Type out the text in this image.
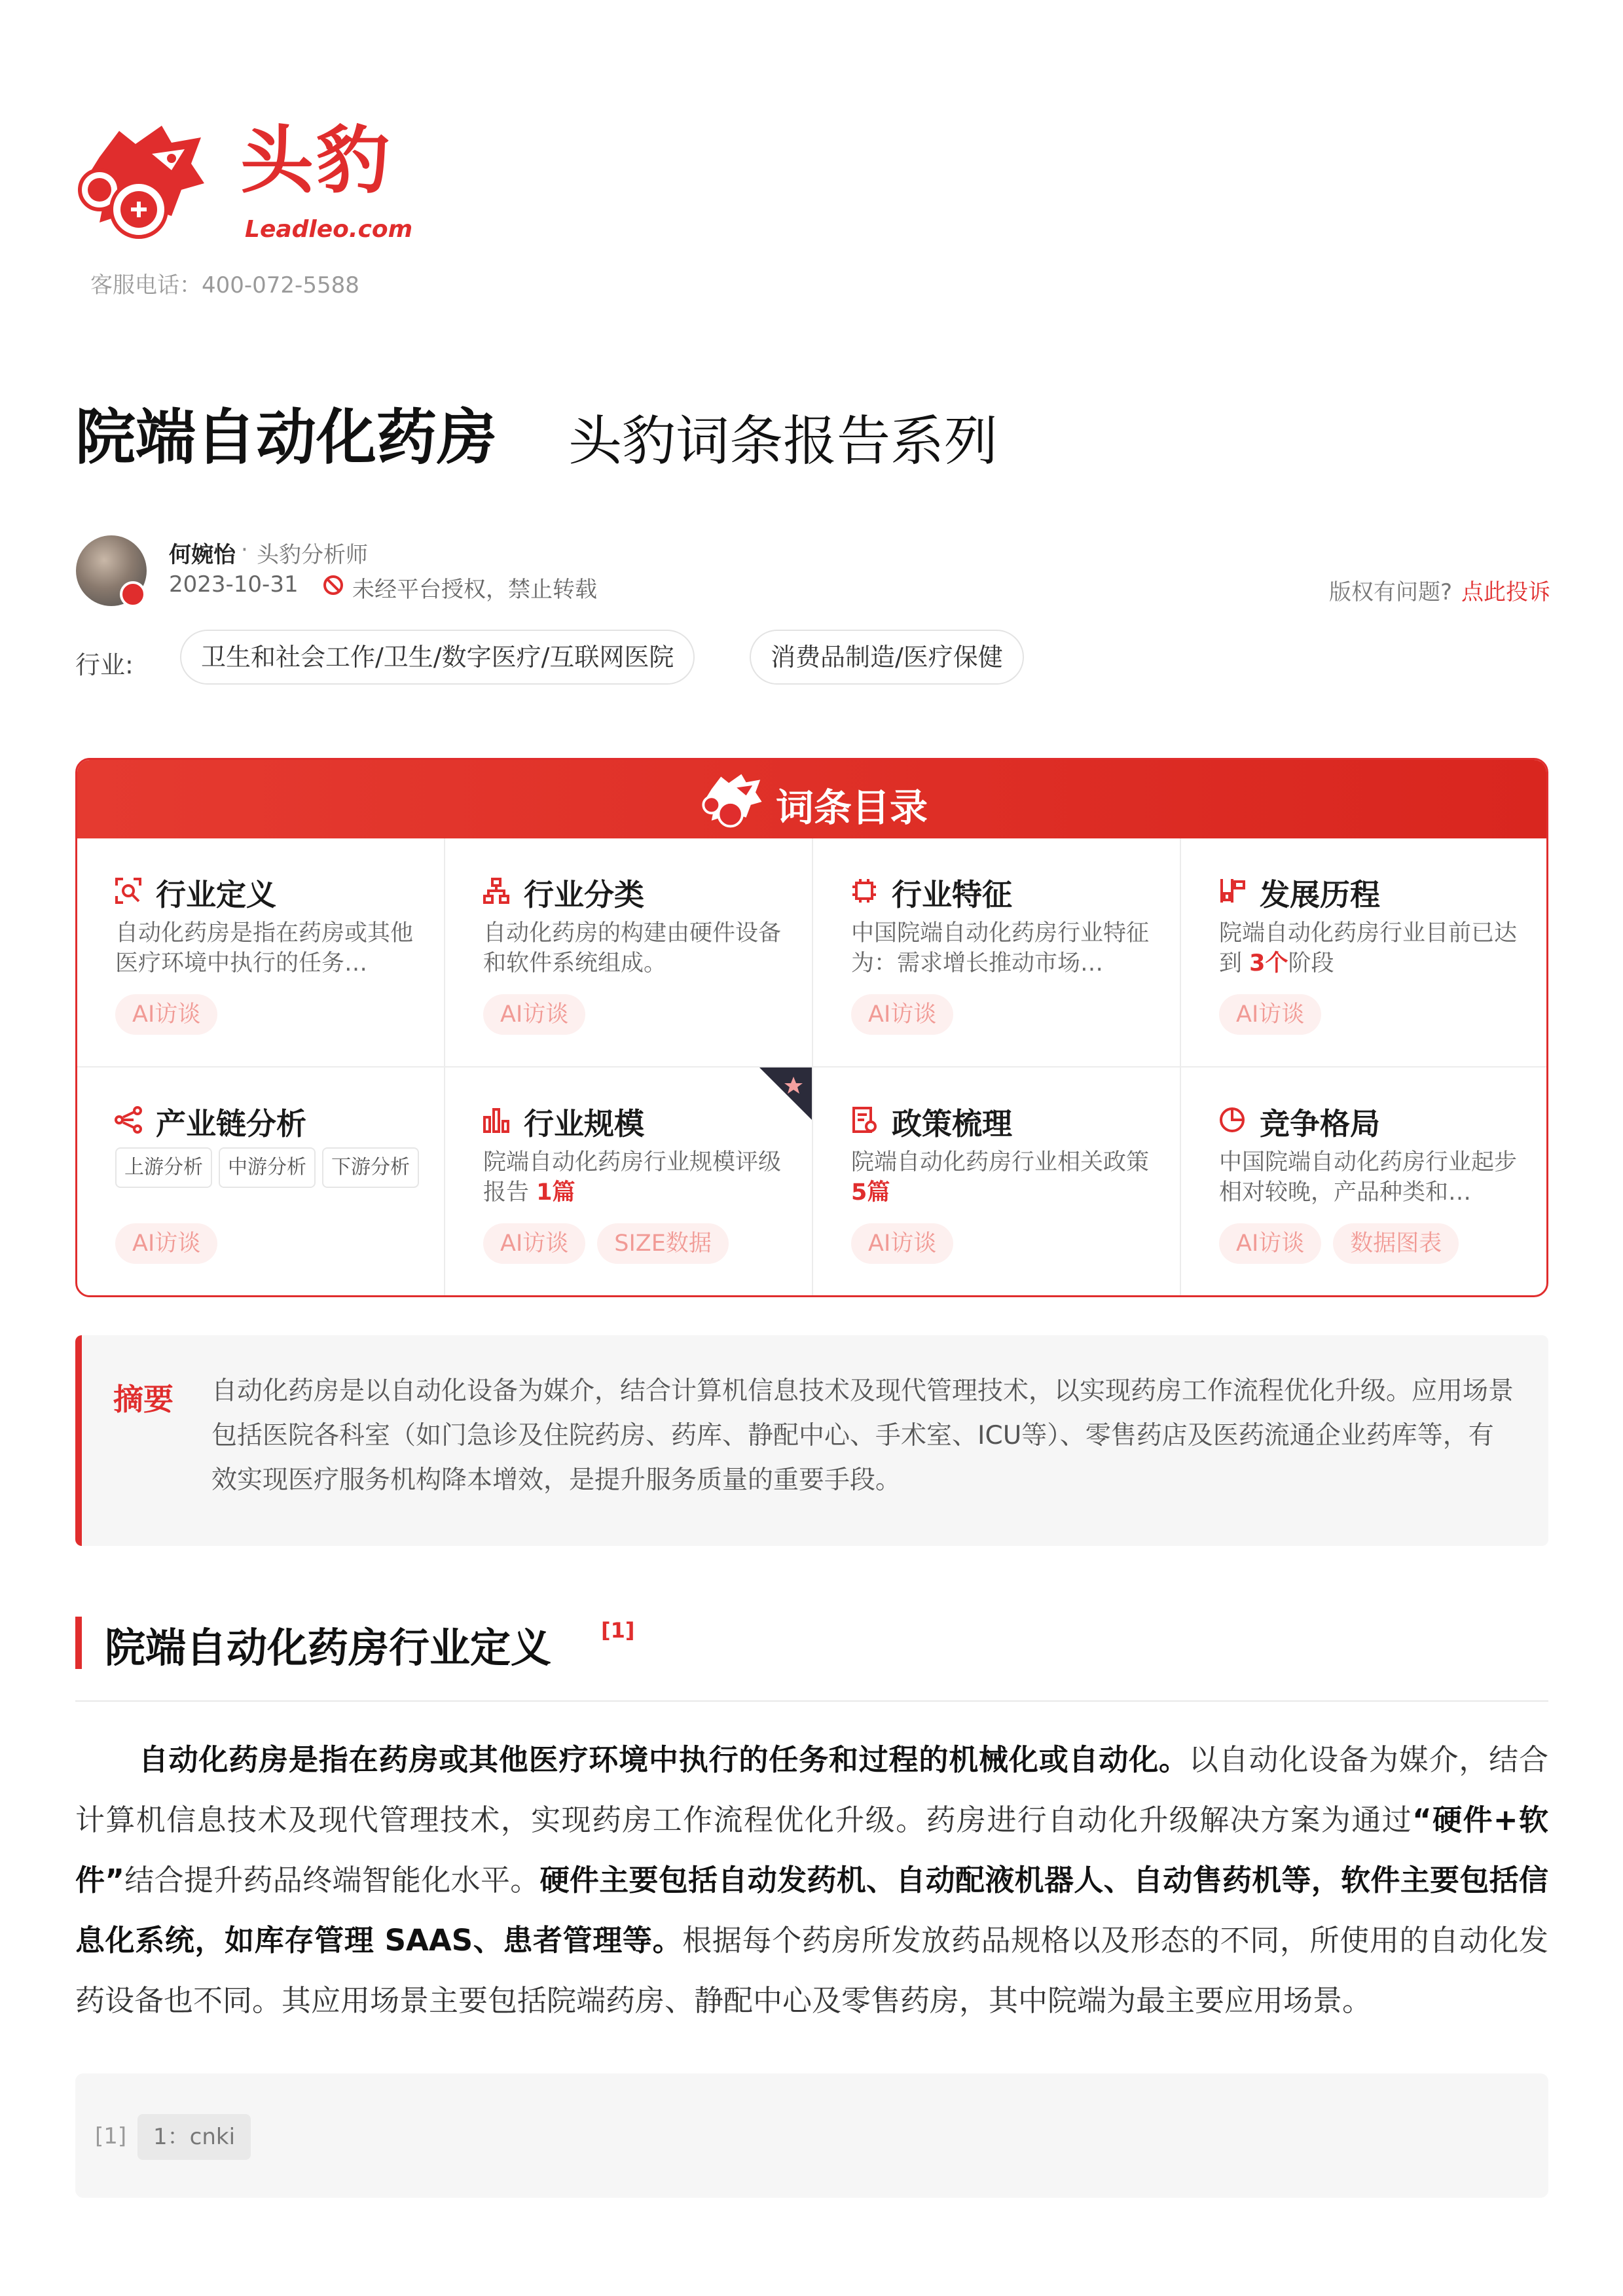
头豹
Leadleo.com
客服电话：400-072-5588
院端自动化药房 头豹词条报告系列
何婉怡 · 头豹分析师
2023-10-31 未经平台授权，禁止转载	版权有问题? 点此投诉
行业:	卫生和社会工作/卫生/数字医疗/互联网医院	消费品制造/医疗保健
词条目录
行业定义
自动化药房是指在药房或其他医疗环境中执行的任务…
AI访谈
行业分类
自动化药房的构建由硬件设备和软件系统组成。
AI访谈
行业特征
中国院端自动化药房行业特征为：需求增长推动市场…
AI访谈
发展历程
院端自动化药房行业目前已达到 3个阶段
AI访谈
产业链分析
上游分析 中游分析 下游分析
AI访谈
行业规模
院端自动化药房行业规模评级报告 1篇
AI访谈 SIZE数据
政策梳理
院端自动化药房行业相关政策 5篇
AI访谈
竞争格局
中国院端自动化药房行业起步相对较晚，产品种类和…
AI访谈 数据图表
摘要 自动化药房是以自动化设备为媒介，结合计算机信息技术及现代管理技术，以实现药房工作流程优化升级。应用场景包括医院各科室（如门急诊及住院药房、药库、静配中心、手术室、ICU等）、零售药店及医药流通企业药库等，有效实现医疗服务机构降本增效，是提升服务质量的重要手段。
院端自动化药房行业定义 [1]
自动化药房是指在药房或其他医疗环境中执行的任务和过程的机械化或自动化。以自动化设备为媒介，结合计算机信息技术及现代管理技术，实现药房工作流程优化升级。药房进行自动化升级解决方案为通过“硬件+软件”结合提升药品终端智能化水平。硬件主要包括自动发药机、自动配液机器人、自动售药机等，软件主要包括信息化系统，如库存管理 SAAS、患者管理等。根据每个药房所发放药品规格以及形态的不同，所使用的自动化发药设备也不同。其应用场景主要包括院端药房、静配中心及零售药房，其中院端为最主要应用场景。
[1]	1：cnki
